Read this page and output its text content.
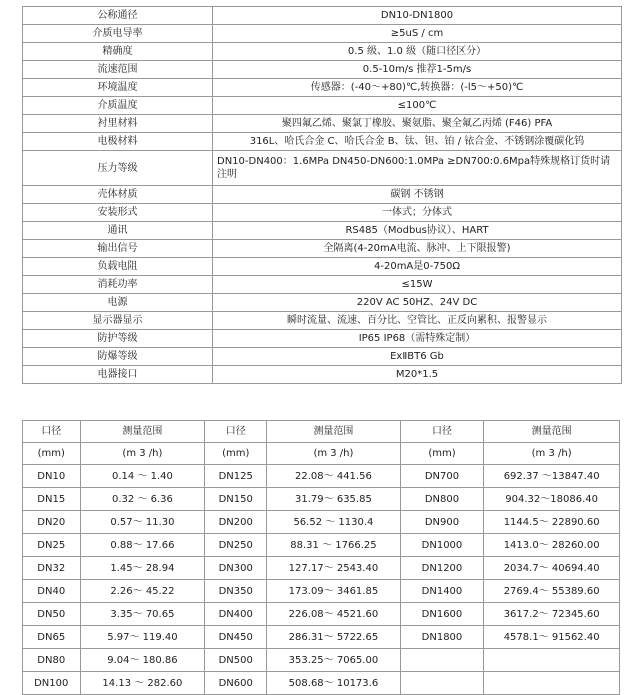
公称通径	DN10-DN1800
介质电导率	≥5uS / cm
精确度	0.5 级、1.0 级（随口径区分）
流速范围	0.5-10m/s 推荐1-5m/s
环境温度	传感器：(-40～+80)℃,转换器：(-l5～+50)℃
介质温度	≤100℃
衬里材料	聚四氟乙烯、聚氯丁橡胶、聚氨脂、聚全氟乙丙烯 (F46) PFA
电极材料	316L、哈氏合金 C、哈氏合金 B、钛、钽、铂 / 铱合金、不锈钢涂覆碳化钨
压力等级	DN10-DN400：1.6MPa DN450-DN600:1.0MPa ≥DN700:0.6Mpa特殊规格订货时请注明
壳体材质	碳钢 不锈钢
安装形式	一体式；分体式
通讯	RS485（Modbus协议）、HART
输出信号	全隔离(4-20mA电流、脉冲、上下限报警)
负载电阻	4-20mA是0-750Ω
消耗功率	≤15W
电源	220V AC 50HZ、24V DC
显示器显示	瞬时流量、流速、百分比、空管比、正反向累积、报警显示
防护等级	IP65 IP68（需特殊定制）
防爆等级	ExⅡBT6 Gb
电器接口	M20*1.5
口径	测量范围	口径	测量范围	口径	测量范围
(mm)	(m 3 /h)	(mm)	(m 3 /h)	(mm)	(m 3 /h)
DN10	0.14 ～ 1.40	DN125	22.08～ 441.56	DN700	692.37 ～13847.40
DN15	0.32 ～ 6.36	DN150	31.79～ 635.85	DN800	904.32～18086.40
DN20	0.57～ 11.30	DN200	56.52 ～ 1130.4	DN900	1144.5～ 22890.60
DN25	0.88～ 17.66	DN250	88.31 ～ 1766.25	DN1000	1413.0～ 28260.00
DN32	1.45～ 28.94	DN300	127.17～ 2543.40	DN1200	2034.7～ 40694.40
DN40	2.26～ 45.22	DN350	173.09～ 3461.85	DN1400	2769.4～ 55389.60
DN50	3.35～ 70.65	DN400	226.08～ 4521.60	DN1600	3617.2～ 72345.60
DN65	5.97～ 119.40	DN450	286.31～ 5722.65	DN1800	4578.1～ 91562.40
DN80	9.04～ 180.86	DN500	353.25～ 7065.00		
DN100	14.13 ～ 282.60	DN600	508.68～ 10173.6		
